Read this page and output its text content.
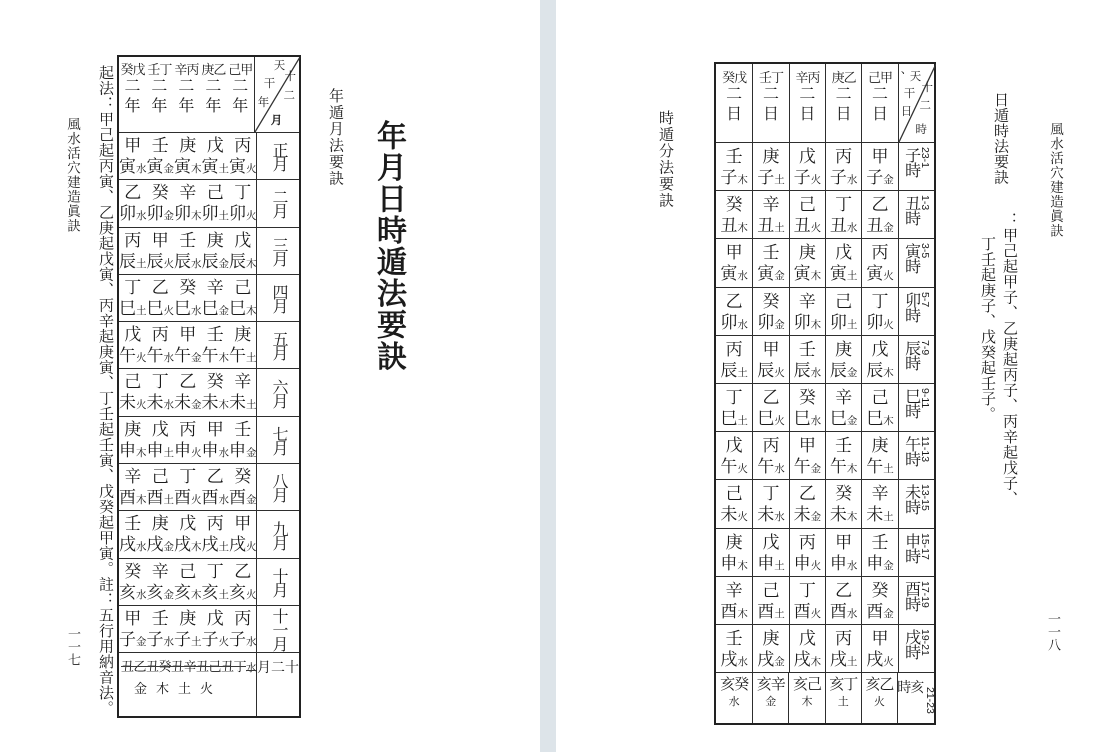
風水活穴建造眞訣
一一七 起法：甲己起丙寅、乙庚起戊寅、丙辛起庚寅、丁壬起壬寅、戊癸起甲寅。註：五行用納音法。 癸戊
二
年
壬丁
二
年
辛丙
二
年
庚乙
二
年
己甲
二
年
天
干
年
十
二
月
甲
寅水
壬
寅金
庚
寅木
戊
寅土
丙
寅火 正月
乙
卯水
癸
卯金
辛
卯木
己
卯土
丁
卯火 二月
丙
辰土
甲
辰火
壬
辰水
庚
辰金
戊
辰木 三月
丁
巳土
乙
巳火
癸
巳水
辛
巳金
己
巳木 四月
戊
午火
丙
午水
甲
午金
壬
午木
庚
午土 五月
己
未火
丁
未水
乙
未金
癸
未木
辛
未土 六月
庚
申木
戊
申土
丙
申火
甲
申水
壬
申金 七月
辛
酉木
己
酉土
丁
酉火
乙
酉水
癸
酉金 八月
壬
戌水
庚
戌金
戊
戌木
丙
戌土
甲
戌火 九月
癸
亥水
辛
亥金
己
亥木
丁
亥土
乙
亥火 十月
甲
子金
壬
子水
庚
子土
戊
子火
丙
子水 十一月
丑乙丑癸丑辛丑己丑丁水
金木土火
月二十
年遁月法要訣 年月日時遁法要訣	時遁分法要訣
癸戊
二
日
壬丁
二
日
辛丙
二
日
庚乙
二
日
己甲
二
日
、
天
干
日
十
二
時
壬
子木
庚
子土
戊
子火
丙
子水
甲
子金
子時 23-1
癸
丑木
辛
丑土
己
丑火
丁
丑水
乙
丑金
丑時 1-3
甲
寅水
壬
寅金
庚
寅木
戊
寅土
丙
寅火
寅時 3-5
乙
卯水
癸
卯金
辛
卯木
己
卯土
丁
卯火
卯時 5-7
丙
辰土
甲
辰火
壬
辰水
庚
辰金
戊
辰木
辰時 7-9
丁
巳土
乙
巳火
癸
巳水
辛
巳金
己
巳木
巳時 9-11
戊
午火
丙
午水
甲
午金
壬
午木
庚
午土
午時 11-13
己
未火
丁
未水
乙
未金
癸
未木
辛
未土
未時 13-15
庚
申木
戊
申土
丙
申火
甲
申水
壬
申金
申時 15-17
辛
酉木
己
酉土
丁
酉火
乙
酉水
癸
酉金
酉時 17-19
壬
戌水
庚
戌金
戊
戌木
丙
戌土
甲
戌火
戌時 19-21
亥癸
水
亥辛
金
亥己
木
亥丁
土
亥乙
火
時亥 21-23
日遁時法要訣
：甲己起甲子、乙庚起丙子、丙辛起戊子、
丁壬起庚子、戊癸起壬子。
風水活穴建造眞訣
一一八
